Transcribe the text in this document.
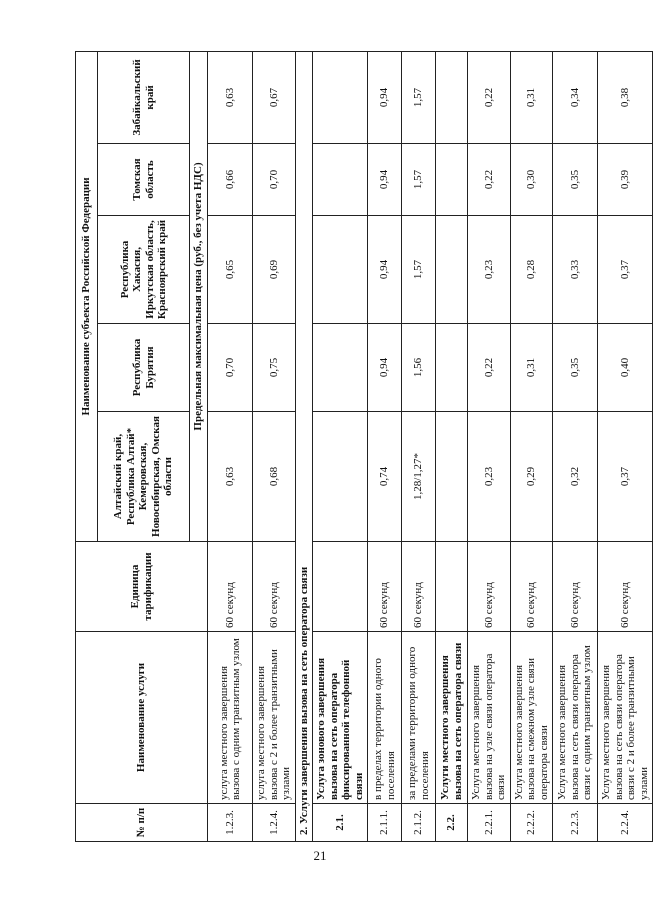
21
№ п/п	Наименование услуги	Единица тарификации	Наименование субъекта Российской Федерации				
			Алтайский край, Республика Алтай* Кемеровская, Новосибирская, Омская области	Республика Бурятия	Республика Хакасия, Иркутская область, Красноярский край	Томская область	Забайкальский край
			Предельная максимальная цена (руб., без учета НДС)				
1.2.3.	услуга местного завершения вызова с одним транзитным узлом	60 секунд	0,63	0,70	0,65	0,66	0,63
1.2.4.	услуга местного завершения вызова с 2 и более транзитными узлами	60 секунд	0,68	0,75	0,69	0,70	0,67
2. Услуги завершения вызова на сеть оператора связи							
2.1.	Услуга зонового завершения вызова на сеть оператора фиксированной телефонной связи						
2.1.1.	в пределах территории одного поселения	60 секунд	0,74	0,94	0,94	0,94	0,94
2.1.2.	за пределами территории одного поселения	60 секунд	1,28/1,27*	1,56	1,57	1,57	1,57
2.2.	Услуги местного завершения вызова на сеть оператора связи						
2.2.1.	Услуга местного завершения вызова на узле связи оператора связи	60 секунд	0,23	0,22	0,23	0,22	0,22
2.2.2.	Услуга местного завершения вызова на смежном узле связи оператора связи	60 секунд	0,29	0,31	0,28	0,30	0,31
2.2.3.	Услуга местного завершения вызова на сеть связи оператора связи с одним транзитным узлом	60 секунд	0,32	0,35	0,33	0,35	0,34
2.2.4.	Услуга местного завершения вызова на сеть связи оператора связи с 2 и более транзитными узлами	60 секунд	0,37	0,40	0,37	0,39	0,38
